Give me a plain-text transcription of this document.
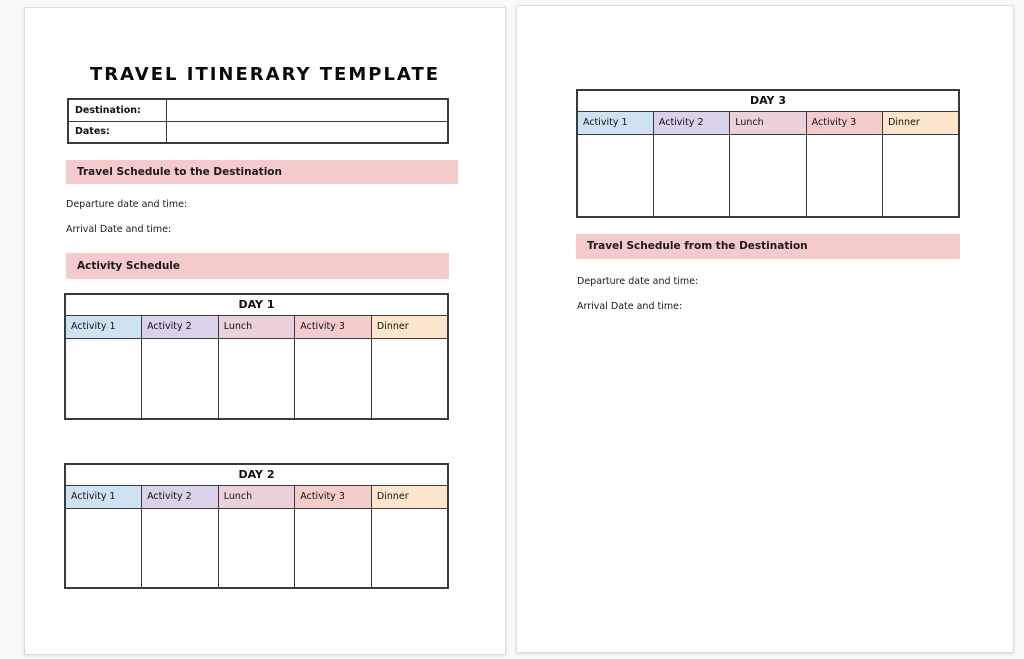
TRAVEL ITINERARY TEMPLATE
Destination:	
Dates:	
Travel Schedule to the Destination

Departure date and time:

Arrival Date and time:

Activity Schedule
DAY 1				
Activity 1	Activity 2	Lunch	Activity 3	Dinner

DAY 2				
Activity 1	Activity 2	Lunch	Activity 3	Dinner

DAY 3				
Activity 1	Activity 2	Lunch	Activity 3	Dinner

Travel Schedule from the Destination

Departure date and time:

Arrival Date and time:
